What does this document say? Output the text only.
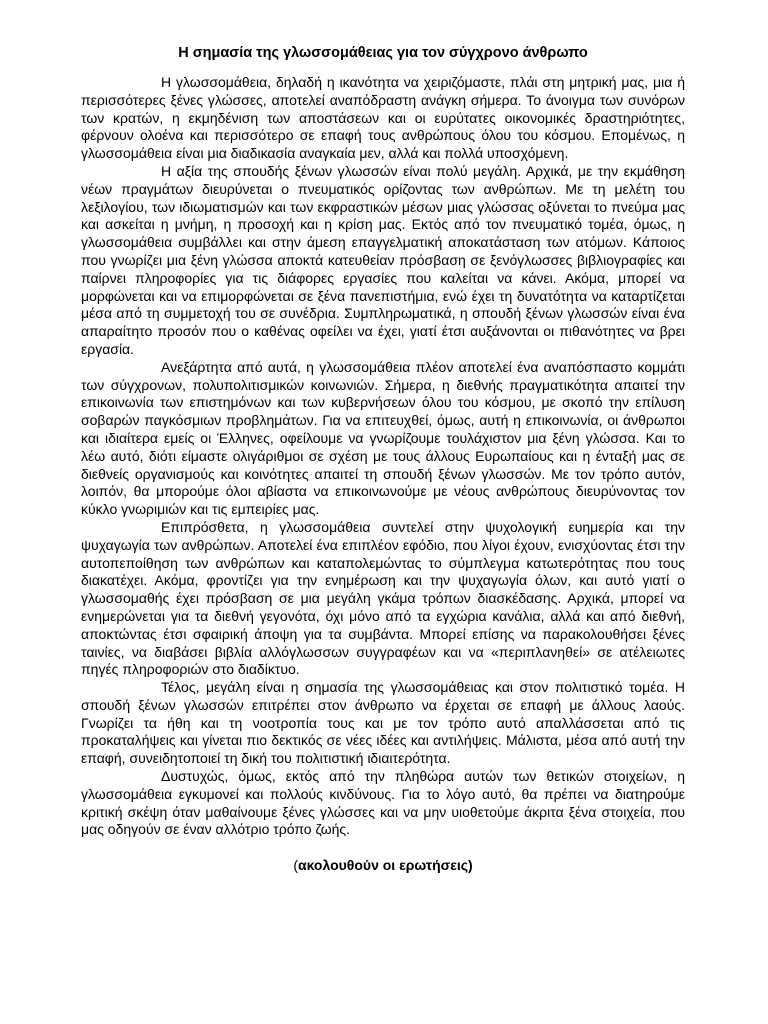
Η σημασία της γλωσσομάθειας για τον σύγχρονο άνθρωπο

Η γλωσσομάθεια, δηλαδή η ικανότητα να χειριζόμαστε, πλάι στη μητρική μας, μια ή περισσότερες ξένες γλώσσες, αποτελεί αναπόδραστη ανάγκη σήμερα. Το άνοιγμα των συνόρων των κρατών, η εκμηδένιση των αποστάσεων και οι ευρύτατες οικονομικές δραστηριότητες, φέρνουν ολοένα και περισσότερο σε επαφή τους ανθρώπους όλου του κόσμου. Επομένως, η γλωσσομάθεια είναι μια διαδικασία αναγκαία μεν, αλλά και πολλά υποσχόμενη.

Η αξία της σπουδής ξένων γλωσσών είναι πολύ μεγάλη. Αρχικά, με την εκμάθηση νέων πραγμάτων διευρύνεται ο πνευματικός ορίζοντας των ανθρώπων. Με τη μελέτη του λεξιλογίου, των ιδιωματισμών και των εκφραστικών μέσων μιας γλώσσας οξύνεται το πνεύμα μας και ασκείται η μνήμη, η προσοχή και η κρίση μας. Εκτός από τον πνευματικό τομέα, όμως, η γλωσσομάθεια συμβάλλει και στην άμεση επαγγελματική αποκατάσταση των ατόμων. Κάποιος που γνωρίζει μια ξένη γλώσσα αποκτά κατευθείαν πρόσβαση σε ξενόγλωσσες βιβλιογραφίες και παίρνει πληροφορίες για τις διάφορες εργασίες που καλείται να κάνει. Ακόμα, μπορεί να μορφώνεται και να επιμορφώνεται σε ξένα πανεπιστήμια, ενώ έχει τη δυνατότητα να καταρτίζεται μέσα από τη συμμετοχή του σε συνέδρια. Συμπληρωματικά, η σπουδή ξένων γλωσσών είναι ένα απαραίτητο προσόν που ο καθένας οφείλει να έχει, γιατί έτσι αυξάνονται οι πιθανότητες να βρει εργασία.

Ανεξάρτητα από αυτά, η γλωσσομάθεια πλέον αποτελεί ένα αναπόσπαστο κομμάτι των σύγχρονων, πολυπολιτισμικών κοινωνιών. Σήμερα, η διεθνής πραγματικότητα απαιτεί την επικοινωνία των επιστημόνων και των κυβερνήσεων όλου του κόσμου, με σκοπό την επίλυση σοβαρών παγκόσμιων προβλημάτων. Για να επιτευχθεί, όμως, αυτή η επικοινωνία, οι άνθρωποι και ιδιαίτερα εμείς οι Έλληνες, οφείλουμε να γνωρίζουμε τουλάχιστον μια ξένη γλώσσα. Και το λέω αυτό, διότι είμαστε ολιγάριθμοι σε σχέση με τους άλλους Ευρωπαίους και η ένταξή μας σε διεθνείς οργανισμούς και κοινότητες απαιτεί τη σπουδή ξένων γλωσσών. Με τον τρόπο αυτόν, λοιπόν, θα μπορούμε όλοι αβίαστα να επικοινωνούμε με νέους ανθρώπους διευρύνοντας τον κύκλο γνωριμιών και τις εμπειρίες μας.

Επιπρόσθετα, η γλωσσομάθεια συντελεί στην ψυχολογική ευημερία και την ψυχαγωγία των ανθρώπων. Αποτελεί ένα επιπλέον εφόδιο, που λίγοι έχουν, ενισχύοντας έτσι την αυτοπεποίθηση των ανθρώπων και καταπολεμώντας το σύμπλεγμα κατωτερότητας που τους διακατέχει. Ακόμα, φροντίζει για την ενημέρωση και την ψυχαγωγία όλων, και αυτό γιατί ο γλωσσομαθής έχει πρόσβαση σε μια μεγάλη γκάμα τρόπων διασκέδασης. Αρχικά, μπορεί να ενημερώνεται για τα διεθνή γεγονότα, όχι μόνο από τα εγχώρια κανάλια, αλλά και από διεθνή, αποκτώντας έτσι σφαιρική άποψη για τα συμβάντα. Μπορεί επίσης να παρακολουθήσει ξένες ταινίες, να διαβάσει βιβλία αλλόγλωσσων συγγραφέων και να «περιπλανηθεί» σε ατέλειωτες πηγές πληροφοριών στο διαδίκτυο.

Τέλος, μεγάλη είναι η σημασία της γλωσσομάθειας και στον πολιτιστικό τομέα. Η σπουδή ξένων γλωσσών επιτρέπει στον άνθρωπο να έρχεται σε επαφή με άλλους λαούς. Γνωρίζει τα ήθη και τη νοοτροπία τους και με τον τρόπο αυτό απαλλάσσεται από τις προκαταλήψεις και γίνεται πιο δεκτικός σε νέες ιδέες και αντιλήψεις. Μάλιστα, μέσα από αυτή την επαφή, συνειδητοποιεί τη δική του πολιτιστική ιδιαιτερότητα.

Δυστυχώς, όμως, εκτός από την πληθώρα αυτών των θετικών στοιχείων, η γλωσσομάθεια εγκυμονεί και πολλούς κινδύνους. Για το λόγο αυτό, θα πρέπει να διατηρούμε κριτική σκέψη όταν μαθαίνουμε ξένες γλώσσες και να μην υιοθετούμε άκριτα ξένα στοιχεία, που μας οδηγούν σε έναν αλλότριο τρόπο ζωής.

(ακολουθούν οι ερωτήσεις)
